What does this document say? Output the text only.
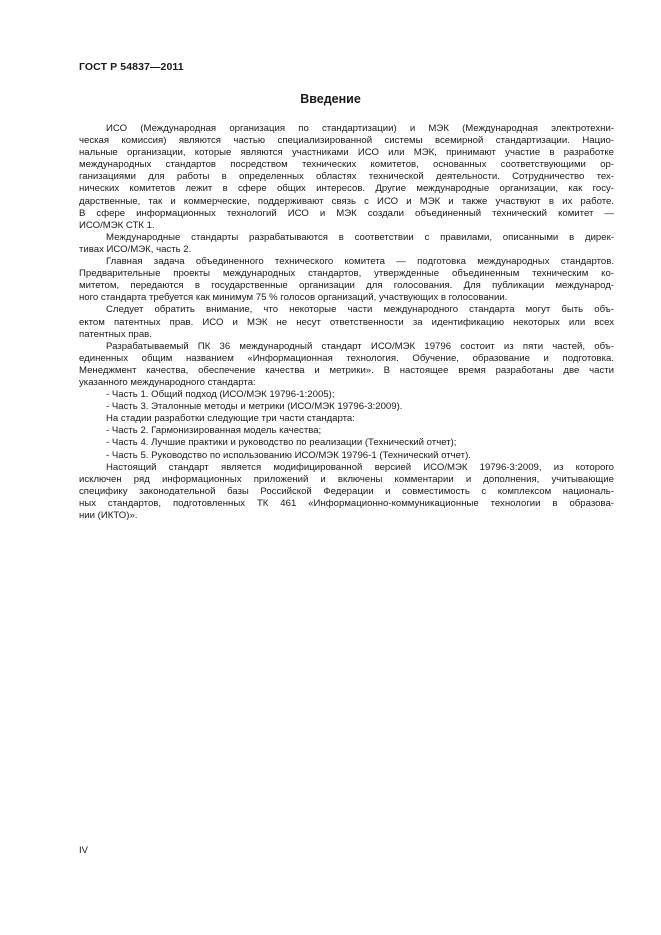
ГОСТ Р 54837—2011
Введение
ИСО (Международная организация по стандартизации) и МЭК (Международная электротехни-
ческая комиссия) являются частью специализированной системы всемирной стандартизации. Нацио-
нальные организации, которые являются участниками ИСО или МЭК, принимают участие в разработке
международных стандартов посредством технических комитетов, основанных соответствующими ор-
ганизациями для работы в определенных областях технической деятельности. Сотрудничество тех-
нических комитетов лежит в сфере общих интересов. Другие международные организации, как госу-
дарственные, так и коммерческие, поддерживают связь с ИСО и МЭК и также участвуют в их работе.
В сфере информационных технологий ИСО и МЭК создали объединенный технический комитет —
ИСО/МЭК СТК 1.
Международные стандарты разрабатываются в соответствии с правилами, описанными в дирек-
тивах ИСО/МЭК, часть 2.
Главная задача объединенного технического комитета — подготовка международных стандартов.
Предварительные проекты международных стандартов, утвержденные объединенным техническим ко-
митетом, передаются в государственные организации для голосования. Для публикации международ-
ного стандарта требуется как минимум 75 % голосов организаций, участвующих в голосовании.
Следует обратить внимание, что некоторые части международного стандарта могут быть объ-
ектом патентных прав. ИСО и МЭК не несут ответственности за идентификацию некоторых или всех
патентных прав.
Разрабатываемый ПК 36 международный стандарт ИСО/МЭК 19796 состоит из пяти частей, объ-
единенных общим названием «Информационная технология. Обучение, образование и подготовка.
Менеджмент качества, обеспечение качества и метрики». В настоящее время разработаны две части
указанного международного стандарта:
- Часть 1. Общий подход (ИСО/МЭК 19796-1:2005);
- Часть 3. Эталонные методы и метрики (ИСО/МЭК 19796-3:2009).
На стадии разработки следующие три части стандарта:
- Часть 2. Гармонизированная модель качества;
- Часть 4. Лучшие практики и руководство по реализации (Технический отчет);
- Часть 5. Руководство по использованию ИСО/МЭК 19796-1 (Технический отчет).
Настоящий стандарт является модифицированной версией ИСО/МЭК 19796-3:2009, из которого
исключен ряд информационных приложений и включены комментарии и дополнения, учитывающие
специфику законодательной базы Российской Федерации и совместимость с комплексом националь-
ных стандартов, подготовленных ТК 461 «Информационно-коммуникационные технологии в образова-
нии (ИКТО)».
IV
